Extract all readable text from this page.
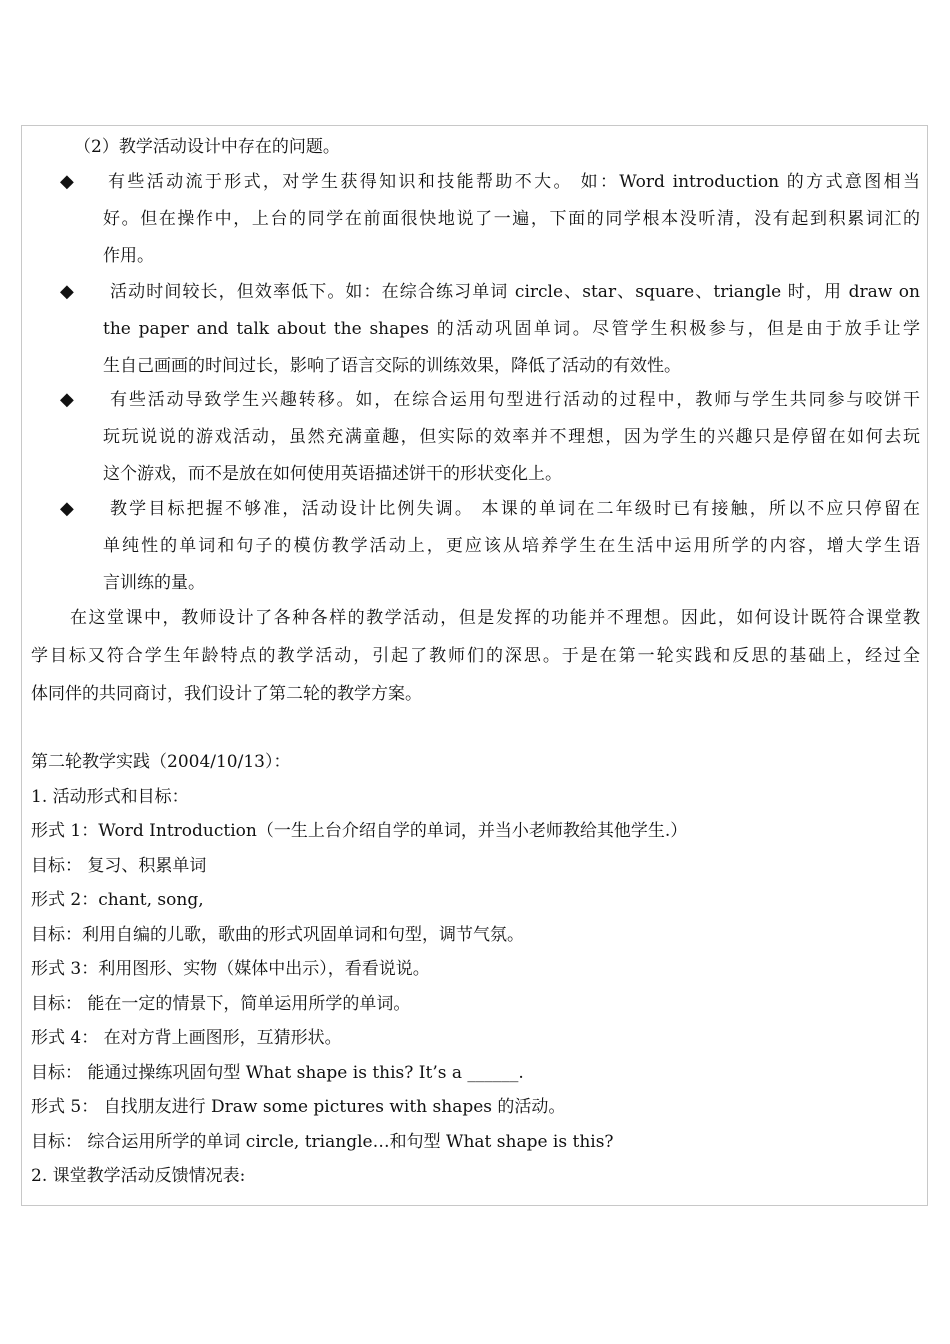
（2）教学活动设计中存在的问题。
◆ 有些活动流于形式，对学生获得知识和技能帮助不大。 如：Word introduction 的方式意图相当
好。但在操作中，上台的同学在前面很快地说了一遍，下面的同学根本没听清，没有起到积累词汇的
作用。
◆ 活动时间较长，但效率低下。如：在综合练习单词 circle、star、square、triangle 时，用 draw on
the paper and talk about the shapes 的活动巩固单词。尽管学生积极参与，但是由于放手让学
生自己画画的时间过长，影响了语言交际的训练效果，降低了活动的有效性。
◆ 有些活动导致学生兴趣转移。如，在综合运用句型进行活动的过程中，教师与学生共同参与咬饼干
玩玩说说的游戏活动，虽然充满童趣，但实际的效率并不理想，因为学生的兴趣只是停留在如何去玩
这个游戏，而不是放在如何使用英语描述饼干的形状变化上。
◆ 教学目标把握不够准，活动设计比例失调。 本课的单词在二年级时已有接触，所以不应只停留在
单纯性的单词和句子的模仿教学活动上，更应该从培养学生在生活中运用所学的内容，增大学生语
言训练的量。
在这堂课中，教师设计了各种各样的教学活动，但是发挥的功能并不理想。因此，如何设计既符合课堂教
学目标又符合学生年龄特点的教学活动，引起了教师们的深思。于是在第一轮实践和反思的基础上，经过全
体同伴的共同商讨，我们设计了第二轮的教学方案。
第二轮教学实践（2004/10/13）：
1. 活动形式和目标：
形式 1：Word Introduction（一生上台介绍自学的单词，并当小老师教给其他学生.）
目标： 复习、积累单词
形式 2：chant, song,
目标：利用自编的儿歌，歌曲的形式巩固单词和句型，调节气氛。
形式 3：利用图形、实物（媒体中出示），看看说说。
目标： 能在一定的情景下，简单运用所学的单词。
形式 4： 在对方背上画图形，互猜形状。
目标： 能通过操练巩固句型 What shape is this? It’s a ______.
形式 5： 自找朋友进行 Draw some pictures with shapes 的活动。
目标： 综合运用所学的单词 circle, triangle…和句型 What shape is this?
2. 课堂教学活动反馈情况表:
